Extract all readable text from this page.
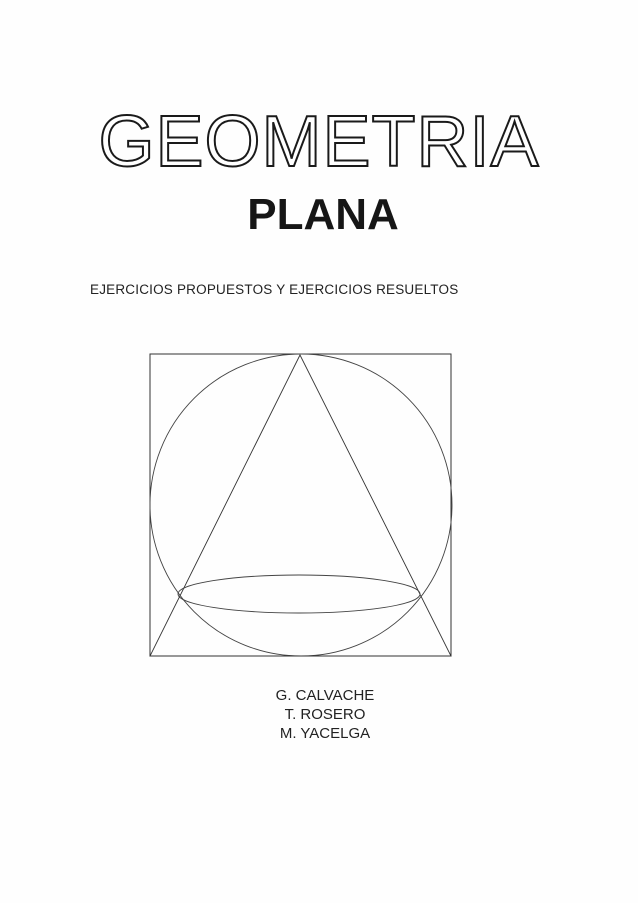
GEOMETRIA
PLANA
EJERCICIOS PROPUESTOS Y EJERCICIOS RESUELTOS
G. CALVACHE
T. ROSERO
M. YACELGA
